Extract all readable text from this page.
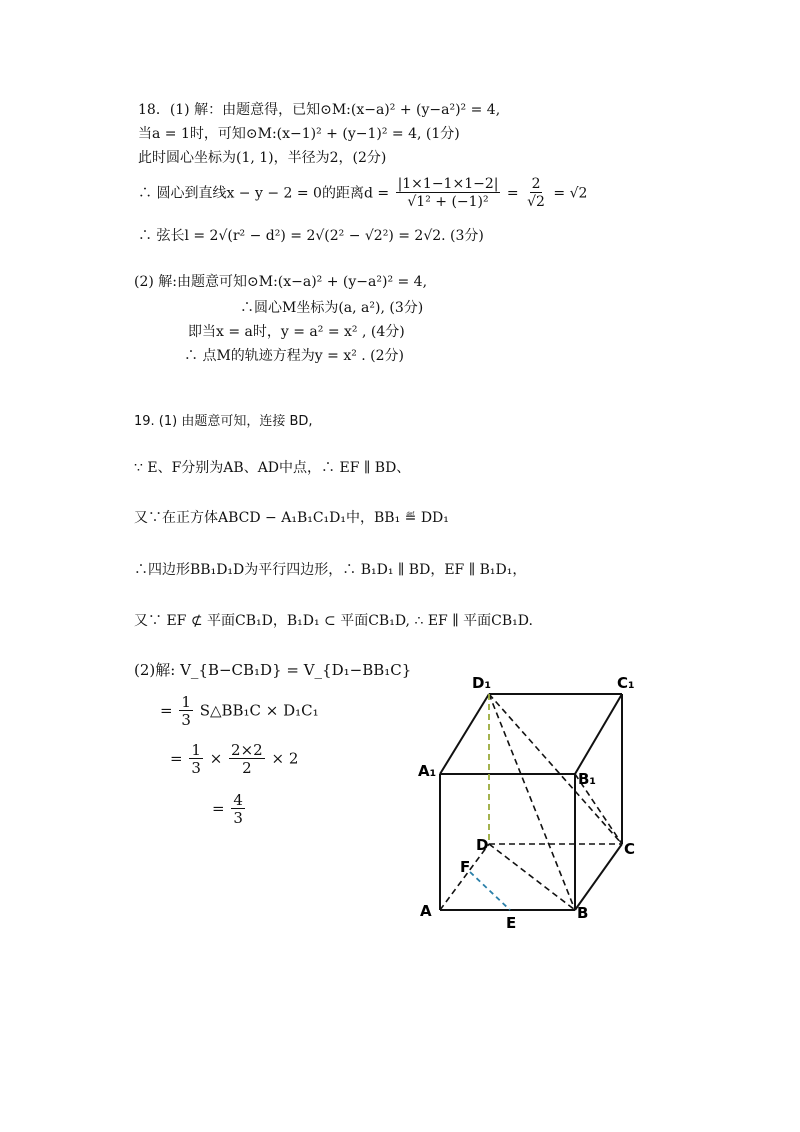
18．(1) 解：由题意得，已知⊙M:(x−a)² + (y−a²)² = 4,
当a = 1时，可知⊙M:(x−1)² + (y−1)² = 4, (1分)
此时圆心坐标为(1, 1)，半径为2，(2分)
∴ 圆心到直线x − y − 2 = 0的距离$d = \frac{|1\times 1-1\times 1-2|}{\text{√1² + (−1)²}} = \frac{2}{√2} = √2$
∴ 弦长l = 2√(r² − d²) = 2√(2² − √2²) = 2√2. (3分)
(2) 解:由题意可知⊙M:(x−a)² + (y−a²)² = 4,
∴圆心M坐标为(a, a²), (3分)
即当x = a时，y = a² = x² , (4分)
∴ 点M的轨迹方程为y = x² . (2分)
19. (1) 由题意可知，连接 BD,
∵ E、F分别为AB、AD中点，∴ EF ∥ BD、
又∵在正方体ABCD − A₁B₁C₁D₁中，BB₁ ≝ DD₁
∴四边形BB₁D₁D为平行四边形，∴ B₁D₁ ∥ BD，EF ∥ B₁D₁，
又∵ EF ⊄ 平面CB₁D，B₁D₁ ⊂ 平面CB₁D, ∴ EF ∥ 平面CB₁D.
(2)解: V_{B−CB₁D} = V_{D₁−BB₁C}
= $\frac{1}{3}$ S△BB₁C × D₁C₁
= $\frac{1}{3} \times \frac{2\times 2}{2} \times 2$
= $\frac{4}{3}$
D₁	C₁
A₁	B₁
D	C
F
A	B
E
